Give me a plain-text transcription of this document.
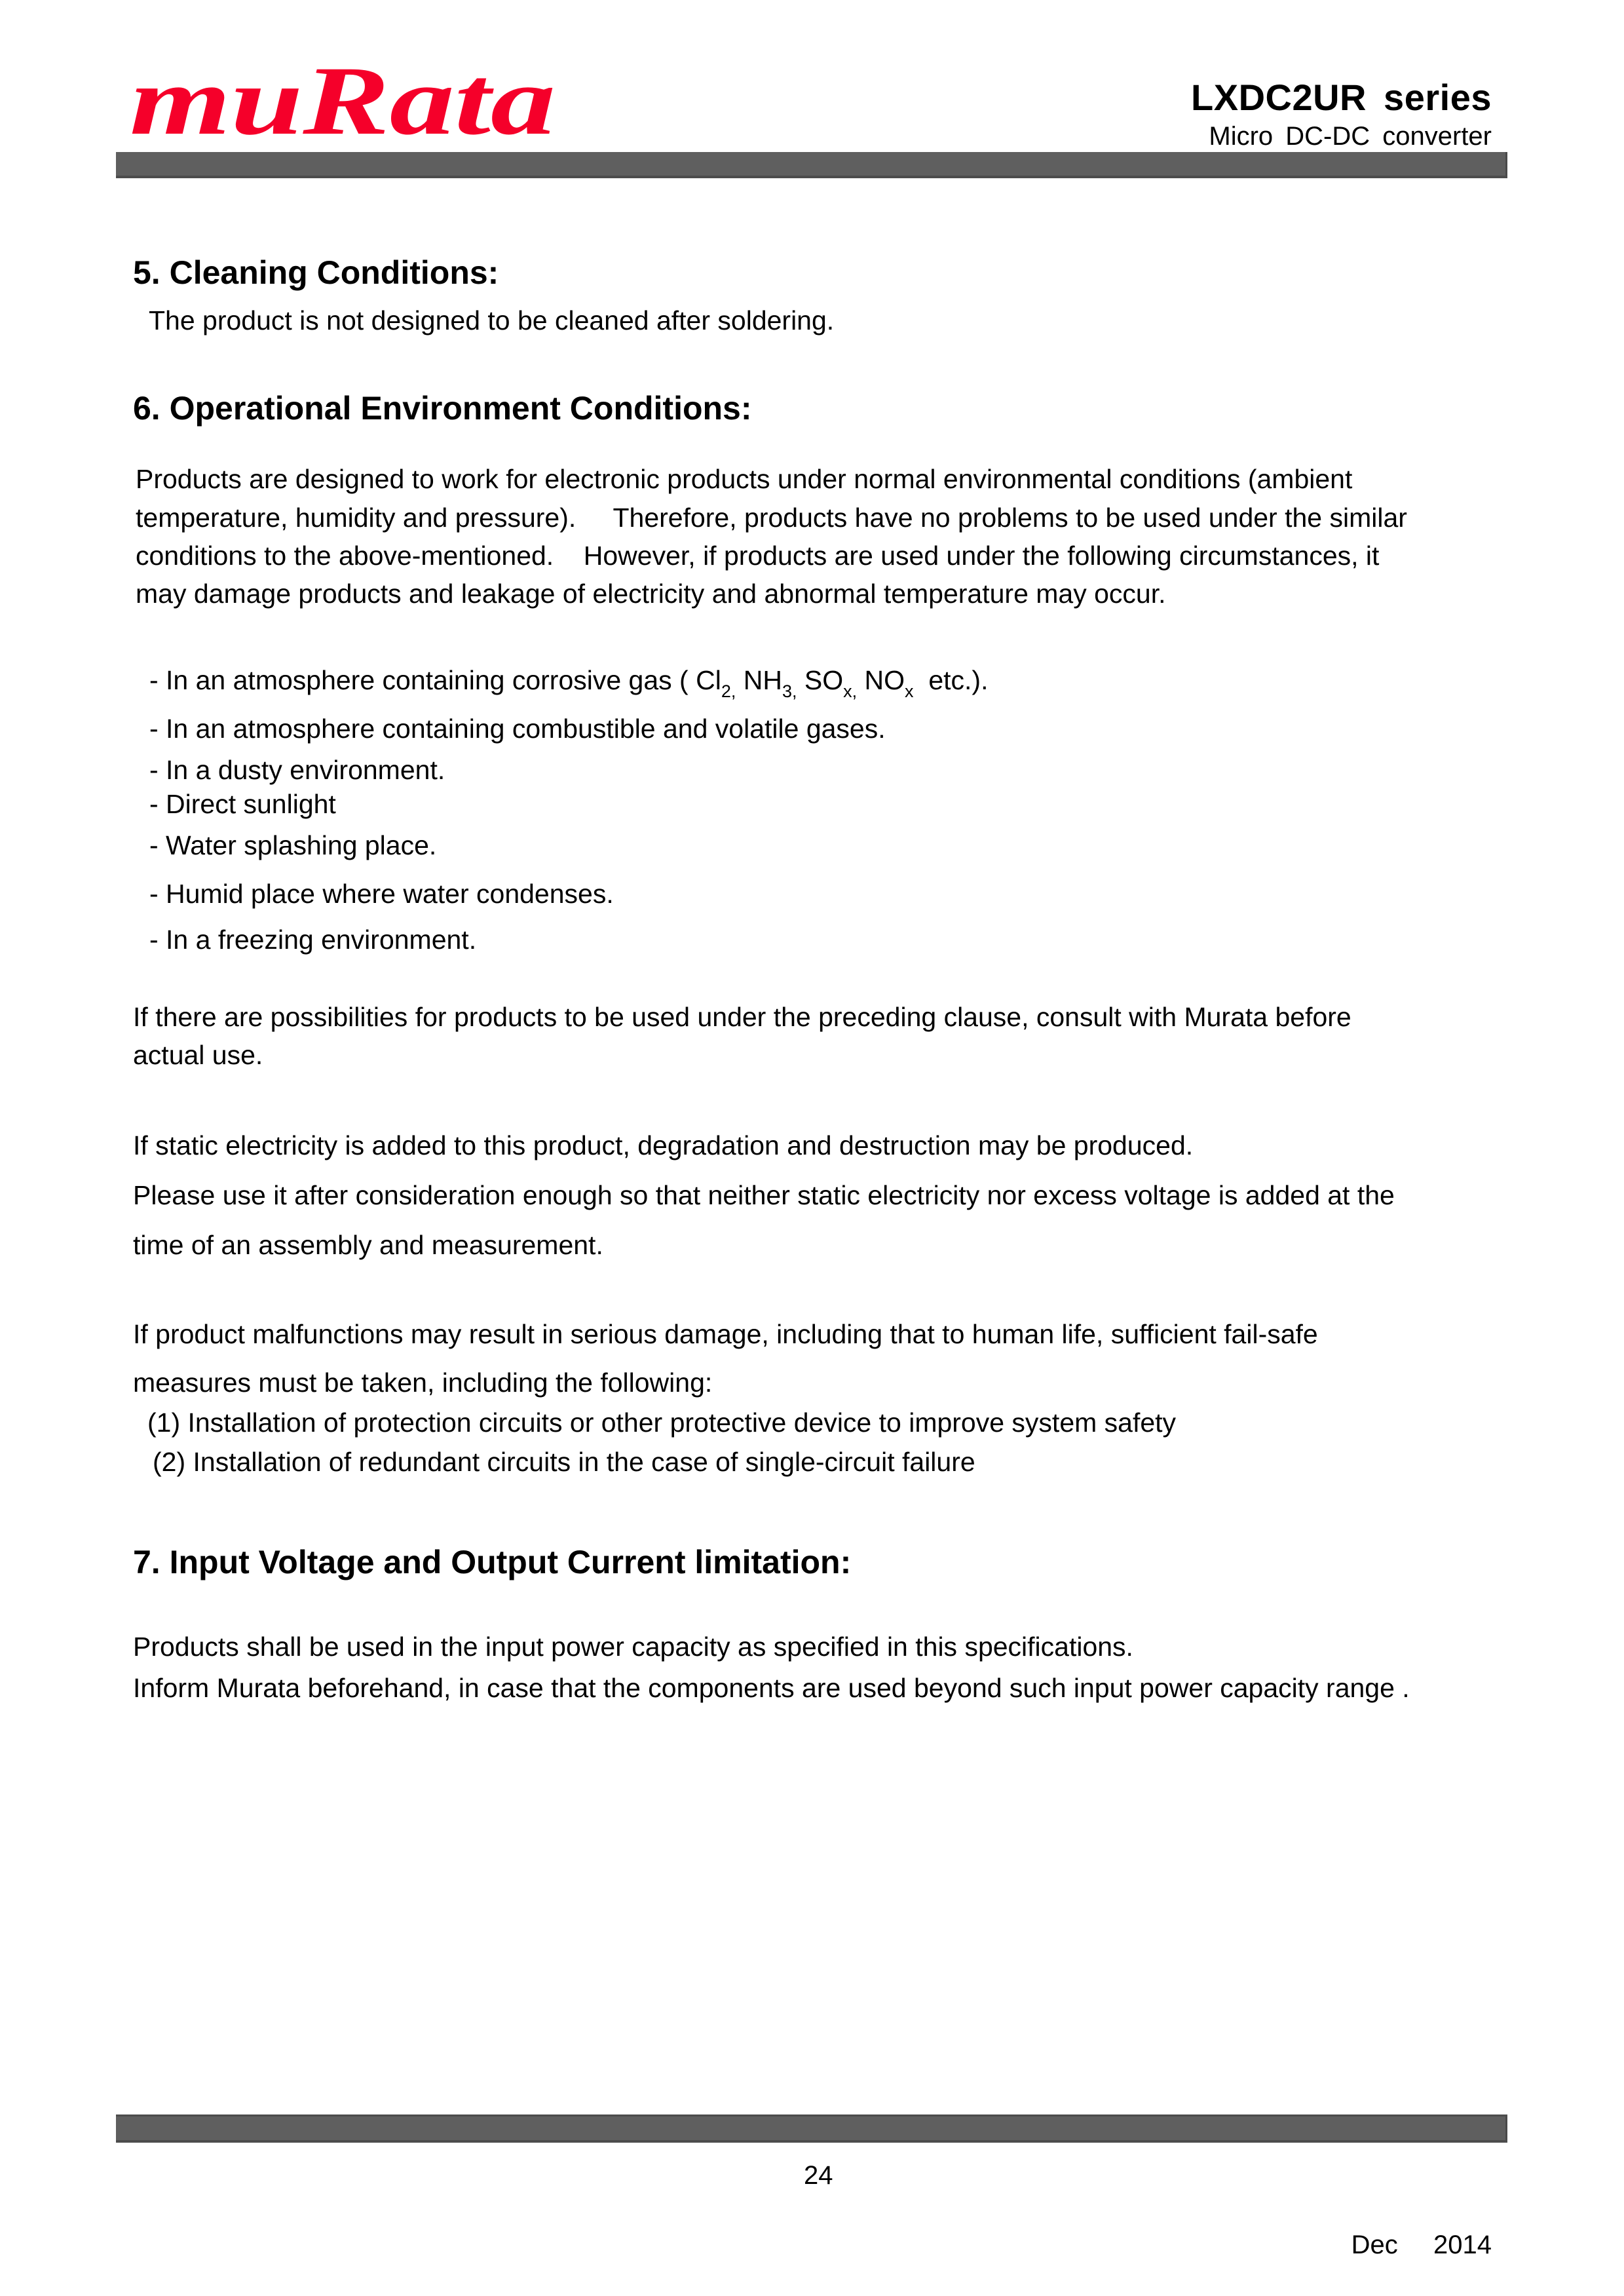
muRata	LXDC2UR series
Micro DC-DC converter
5. Cleaning Conditions:
The product is not designed to be cleaned after soldering.
6. Operational Environment Conditions:
Products are designed to work for electronic products under normal environmental conditions (ambient
temperature, humidity and pressure).     Therefore, products have no problems to be used under the similar
conditions to the above-mentioned.    However, if products are used under the following circumstances, it
may damage products and leakage of electricity and abnormal temperature may occur.
- In an atmosphere containing corrosive gas ( $Cl_{2,}$ $NH_{3,}$ $SO_{x,}$ $NO_x$  etc.).
- In an atmosphere containing combustible and volatile gases.
- In a dusty environment.
- Direct sunlight
- Water splashing place.
- Humid place where water condenses.
- In a freezing environment.
If there are possibilities for products to be used under the preceding clause, consult with Murata before
actual use.
If static electricity is added to this product, degradation and destruction may be produced.
Please use it after consideration enough so that neither static electricity nor excess voltage is added at the
time of an assembly and measurement.
If product malfunctions may result in serious damage, including that to human life, sufficient fail-safe
measures must be taken, including the following:
(1) Installation of protection circuits or other protective device to improve system safety
(2) Installation of redundant circuits in the case of single-circuit failure
7. Input Voltage and Output Current limitation:
Products shall be used in the input power capacity as specified in this specifications.
Inform Murata beforehand, in case that the components are used beyond such input power capacity range .
24
Dec  2014
